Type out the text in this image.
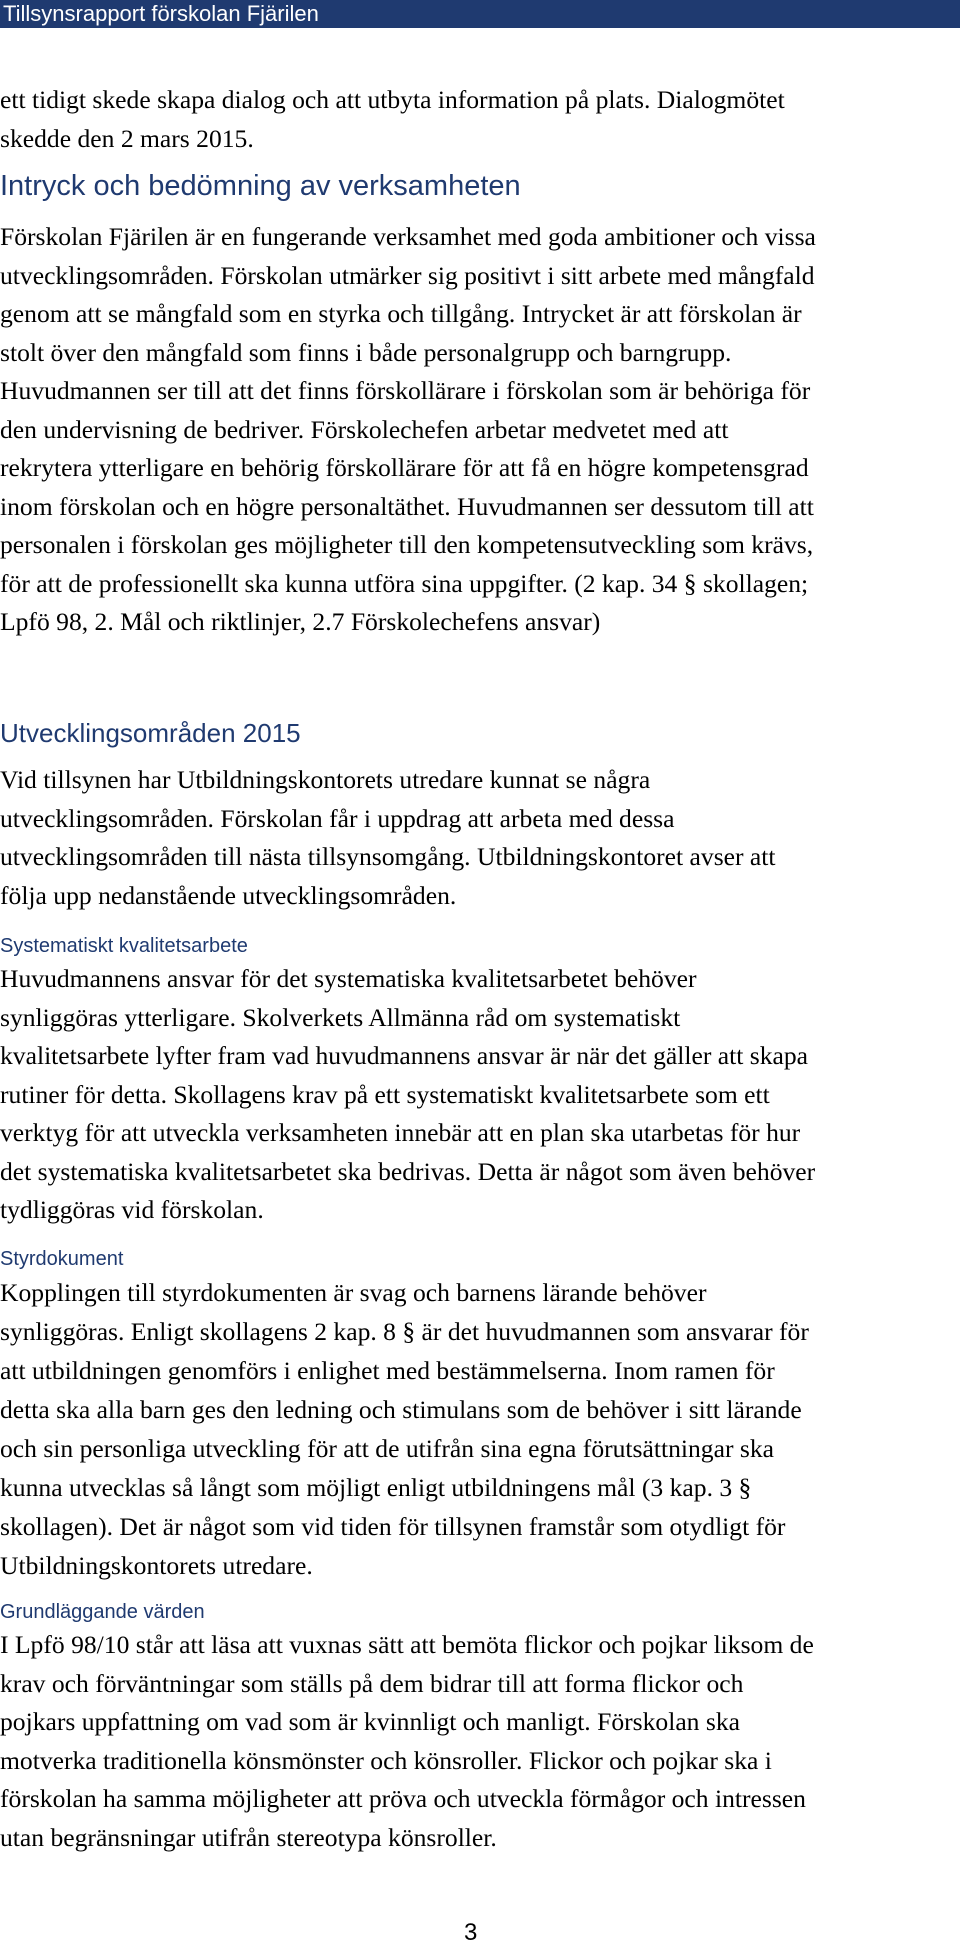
Tillsynsrapport förskolan Fjärilen
ett tidigt skede skapa dialog och att utbyta information på plats. Dialogmötet
skedde den 2 mars 2015.
Intryck och bedömning av verksamheten
Förskolan Fjärilen är en fungerande verksamhet med goda ambitioner och vissa
utvecklingsområden. Förskolan utmärker sig positivt i sitt arbete med mångfald
genom att se mångfald som en styrka och tillgång. Intrycket är att förskolan är
stolt över den mångfald som finns i både personalgrupp och barngrupp.
Huvudmannen ser till att det finns förskollärare i förskolan som är behöriga för
den undervisning de bedriver. Förskolechefen arbetar medvetet med att
rekrytera ytterligare en behörig förskollärare för att få en högre kompetensgrad
inom förskolan och en högre personaltäthet. Huvudmannen ser dessutom till att
personalen i förskolan ges möjligheter till den kompetensutveckling som krävs,
för att de professionellt ska kunna utföra sina uppgifter. (2 kap. 34 § skollagen;
Lpfö 98, 2. Mål och riktlinjer, 2.7 Förskolechefens ansvar)
Utvecklingsområden 2015
Vid tillsynen har Utbildningskontorets utredare kunnat se några
utvecklingsområden. Förskolan får i uppdrag att arbeta med dessa
utvecklingsområden till nästa tillsynsomgång. Utbildningskontoret avser att
följa upp nedanstående utvecklingsområden.
Systematiskt kvalitetsarbete
Huvudmannens ansvar för det systematiska kvalitetsarbetet behöver
synliggöras ytterligare. Skolverkets Allmänna råd om systematiskt
kvalitetsarbete lyfter fram vad huvudmannens ansvar är när det gäller att skapa
rutiner för detta. Skollagens krav på ett systematiskt kvalitetsarbete som ett
verktyg för att utveckla verksamheten innebär att en plan ska utarbetas för hur
det systematiska kvalitetsarbetet ska bedrivas. Detta är något som även behöver
tydliggöras vid förskolan.
Styrdokument
Kopplingen till styrdokumenten är svag och barnens lärande behöver
synliggöras. Enligt skollagens 2 kap. 8 § är det huvudmannen som ansvarar för
att utbildningen genomförs i enlighet med bestämmelserna. Inom ramen för
detta ska alla barn ges den ledning och stimulans som de behöver i sitt lärande
och sin personliga utveckling för att de utifrån sina egna förutsättningar ska
kunna utvecklas så långt som möjligt enligt utbildningens mål (3 kap. 3 §
skollagen). Det är något som vid tiden för tillsynen framstår som otydligt för
Utbildningskontorets utredare.
Grundläggande värden
I Lpfö 98/10 står att läsa att vuxnas sätt att bemöta flickor och pojkar liksom de
krav och förväntningar som ställs på dem bidrar till att forma flickor och
pojkars uppfattning om vad som är kvinnligt och manligt. Förskolan ska
motverka traditionella könsmönster och könsroller. Flickor och pojkar ska i
förskolan ha samma möjligheter att pröva och utveckla förmågor och intressen
utan begränsningar utifrån stereotypa könsroller.
3
